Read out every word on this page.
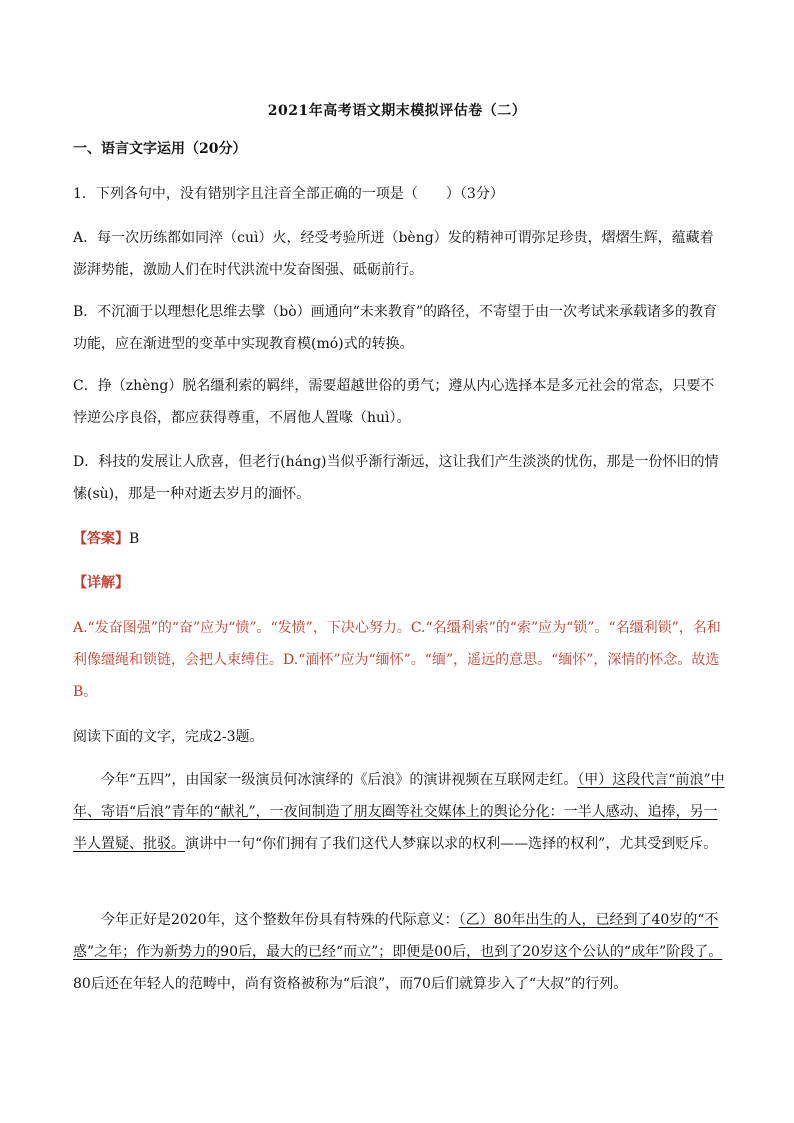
2021年高考语文期末模拟评估卷（二）
一、语言文字运用（20分）
1．下列各句中，没有错别字且注音全部正确的一项是（　　）（3分）

A．每一次历练都如同淬（cuì）火，经受考验所迸（bèng）发的精神可谓弥足珍贵，熠熠生辉，蕴藏着澎湃势能，激励人们在时代洪流中发奋图强、砥砺前行。

B．不沉湎于以理想化思维去擘（bò）画通向“未来教育”的路径，不寄望于由一次考试来承载诸多的教育功能，应在渐进型的变革中实现教育模(mó)式的转换。

C．挣（zhèng）脱名缰利索的羁绊，需要超越世俗的勇气；遵从内心选择本是多元社会的常态，只要不悖逆公序良俗，都应获得尊重，不屑他人置喙（huì）。

D．科技的发展让人欣喜，但老行(háng)当似乎渐行渐远，这让我们产生淡淡的忧伤，那是一份怀旧的情愫(sù)，那是一种对逝去岁月的湎怀。

【答案】B
【详解】

A.“发奋图强”的“奋”应为“愤”。“发愤”，下决心努力。C.“名缰利索”的“索”应为“锁”。“名缰利锁”，名和利像缰绳和锁链，会把人束缚住。D.“湎怀”应为“缅怀”。“缅”，遥远的意思。“缅怀”，深情的怀念。故选B。

阅读下面的文字，完成2-3题。

今年“五四”，由国家一级演员何冰演绎的《后浪》的演讲视频在互联网走红。（甲）这段代言“前浪”中年、寄语“后浪”青年的“献礼”，一夜间制造了朋友圈等社交媒体上的舆论分化：一半人感动、追捧，另一半人置疑、批驳。演讲中一句“你们拥有了我们这代人梦寐以求的权利——选择的权利”，尤其受到贬斥。

今年正好是2020年，这个整数年份具有特殊的代际意义：（乙）80年出生的人，已经到了40岁的“不惑”之年；作为新势力的90后，最大的已经“而立”；即便是00后，也到了20岁这个公认的“成年”阶段了。80后还在年轻人的范畴中，尚有资格被称为“后浪”，而70后们就算步入了“大叔”的行列。
